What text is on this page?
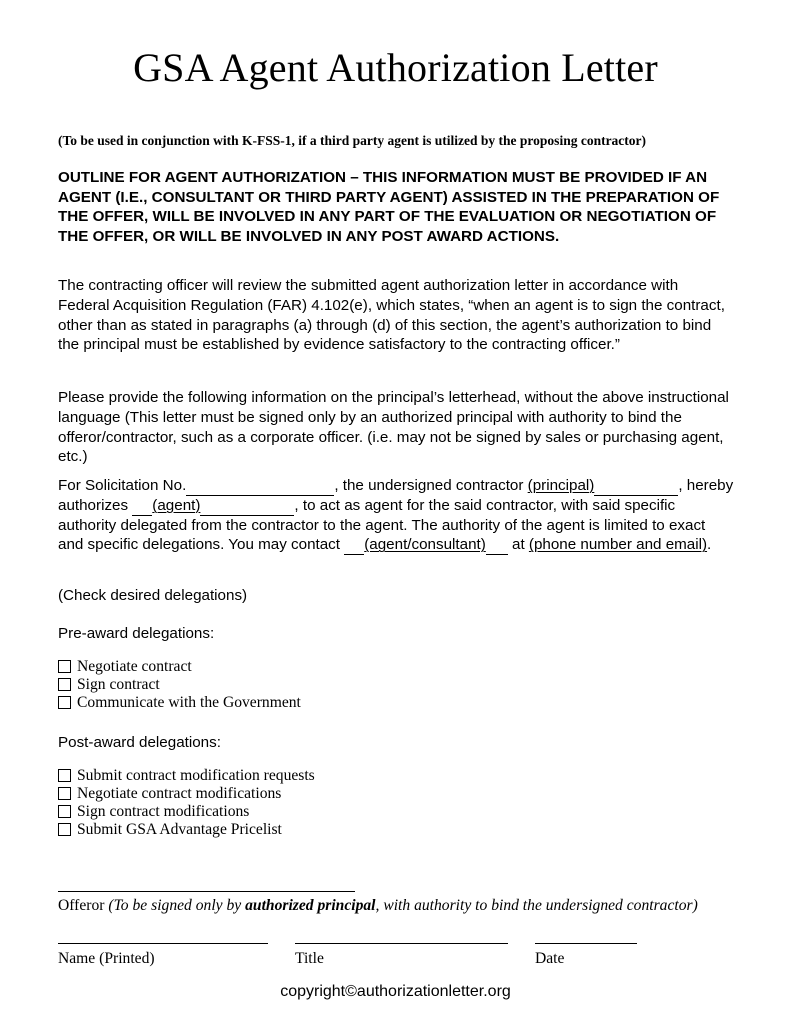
GSA Agent Authorization Letter
(To be used in conjunction with K-FSS-1, if a third party agent is utilized by the proposing contractor)
OUTLINE FOR AGENT AUTHORIZATION – THIS INFORMATION MUST BE PROVIDED IF AN AGENT (I.E., CONSULTANT OR THIRD PARTY AGENT) ASSISTED IN THE PREPARATION OF THE OFFER, WILL BE INVOLVED IN ANY PART OF THE EVALUATION OR NEGOTIATION OF THE OFFER, OR WILL BE INVOLVED IN ANY POST AWARD ACTIONS.
The contracting officer will review the submitted agent authorization letter in accordance with Federal Acquisition Regulation (FAR) 4.102(e), which states, “when an agent is to sign the contract, other than as stated in paragraphs (a) through (d) of this section, the agent’s authorization to bind the principal must be established by evidence satisfactory to the contracting officer.”
Please provide the following information on the principal’s letterhead, without the above instructional language (This letter must be signed only by an authorized principal with authority to bind the offeror/contractor, such as a corporate officer. (i.e. may not be signed by sales or purchasing agent, etc.)
For Solicitation No.	, the undersigned contractor (principal)	, hereby authorizes (agent)	, to act as agent for the said contractor, with said specific authority delegated from the contractor to the agent. The authority of the agent is limited to exact and specific delegations. You may contact (agent/consultant) at (phone number and email).
(Check desired delegations)
Pre-award delegations:
Negotiate contract
Sign contract
Communicate with the Government
Post-award delegations:
Submit contract modification requests
Negotiate contract modifications
Sign contract modifications
Submit GSA Advantage Pricelist
Offeror (To be signed only by authorized principal, with authority to bind the undersigned contractor)
Name (Printed)	Title	Date
copyright©authorizationletter.org
